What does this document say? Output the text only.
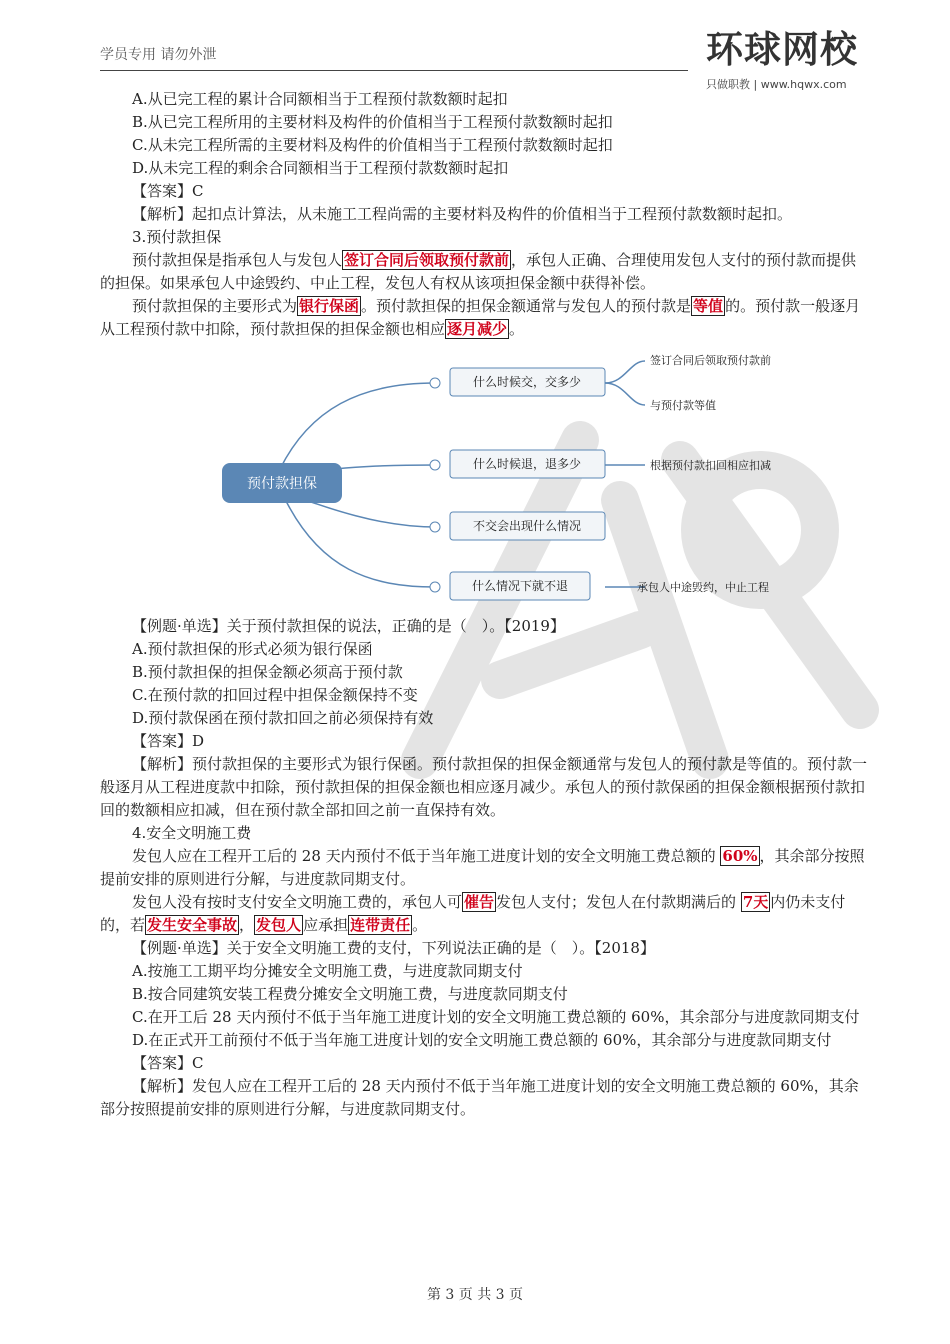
学员专用 请勿外泄	环球网校
只做职教 | www.hqwx.com

A.从已完工程的累计合同额相当于工程预付款数额时起扣

B.从已完工程所用的主要材料及构件的价值相当于工程预付款数额时起扣

C.从未完工程所需的主要材料及构件的价值相当于工程预付款数额时起扣

D.从未完工程的剩余合同额相当于工程预付款数额时起扣

【答案】C

【解析】起扣点计算法，从未施工工程尚需的主要材料及构件的价值相当于工程预付款数额时起扣。

3.预付款担保

预付款担保是指承包人与发包人 签订合同后领取预付款前 ，承包人正确、合理使用发包人支付的预付款而提供的担保。如果承包人中途毁约、中止工程，发包人有权从该项担保金额中获得补偿。

预付款担保的主要形式为 银行保函 。预付款担保的担保金额通常与发包人的预付款是 等值 的。预付款一般逐月从工程预付款中扣除，预付款担保的担保金额也相应 逐月减少 。

预付款担保
什么时候交，交多少
什么时候退，退多少
不交会出现什么情况
什么情况下就不退
签订合同后领取预付款前
与预付款等值
根据预付款扣回相应扣减
承包人中途毁约，中止工程

【例题·单选】关于预付款担保的说法，正确的是（　）。【2019】

A.预付款担保的形式必须为银行保函

B.预付款担保的担保金额必须高于预付款

C.在预付款的扣回过程中担保金额保持不变

D.预付款保函在预付款扣回之前必须保持有效

【答案】D

【解析】预付款担保的主要形式为银行保函。预付款担保的担保金额通常与发包人的预付款是等值的。预付款一般逐月从工程进度款中扣除，预付款担保的担保金额也相应逐月减少。承包人的预付款保函的担保金额根据预付款扣回的数额相应扣减，但在预付款全部扣回之前一直保持有效。

4.安全文明施工费

发包人应在工程开工后的 28 天内预付不低于当年施工进度计划的安全文明施工费总额的 60% ，其余部分按照提前安排的原则进行分解，与进度款同期支付。

发包人没有按时支付安全文明施工费的，承包人可 催告 发包人支付；发包人在付款期满后的 7天 内仍未支付的，若 发生安全事故 ， 发包人 应承担 连带责任 。

【例题·单选】关于安全文明施工费的支付，下列说法正确的是（　）。【2018】

A.按施工工期平均分摊安全文明施工费，与进度款同期支付

B.按合同建筑安装工程费分摊安全文明施工费，与进度款同期支付

C.在开工后 28 天内预付不低于当年施工进度计划的安全文明施工费总额的 60%，其余部分与进度款同期支付

D.在正式开工前预付不低于当年施工进度计划的安全文明施工费总额的 60%，其余部分与进度款同期支付

【答案】C

【解析】发包人应在工程开工后的 28 天内预付不低于当年施工进度计划的安全文明施工费总额的 60%，其余部分按照提前安排的原则进行分解，与进度款同期支付。

第 3 页 共 3 页
